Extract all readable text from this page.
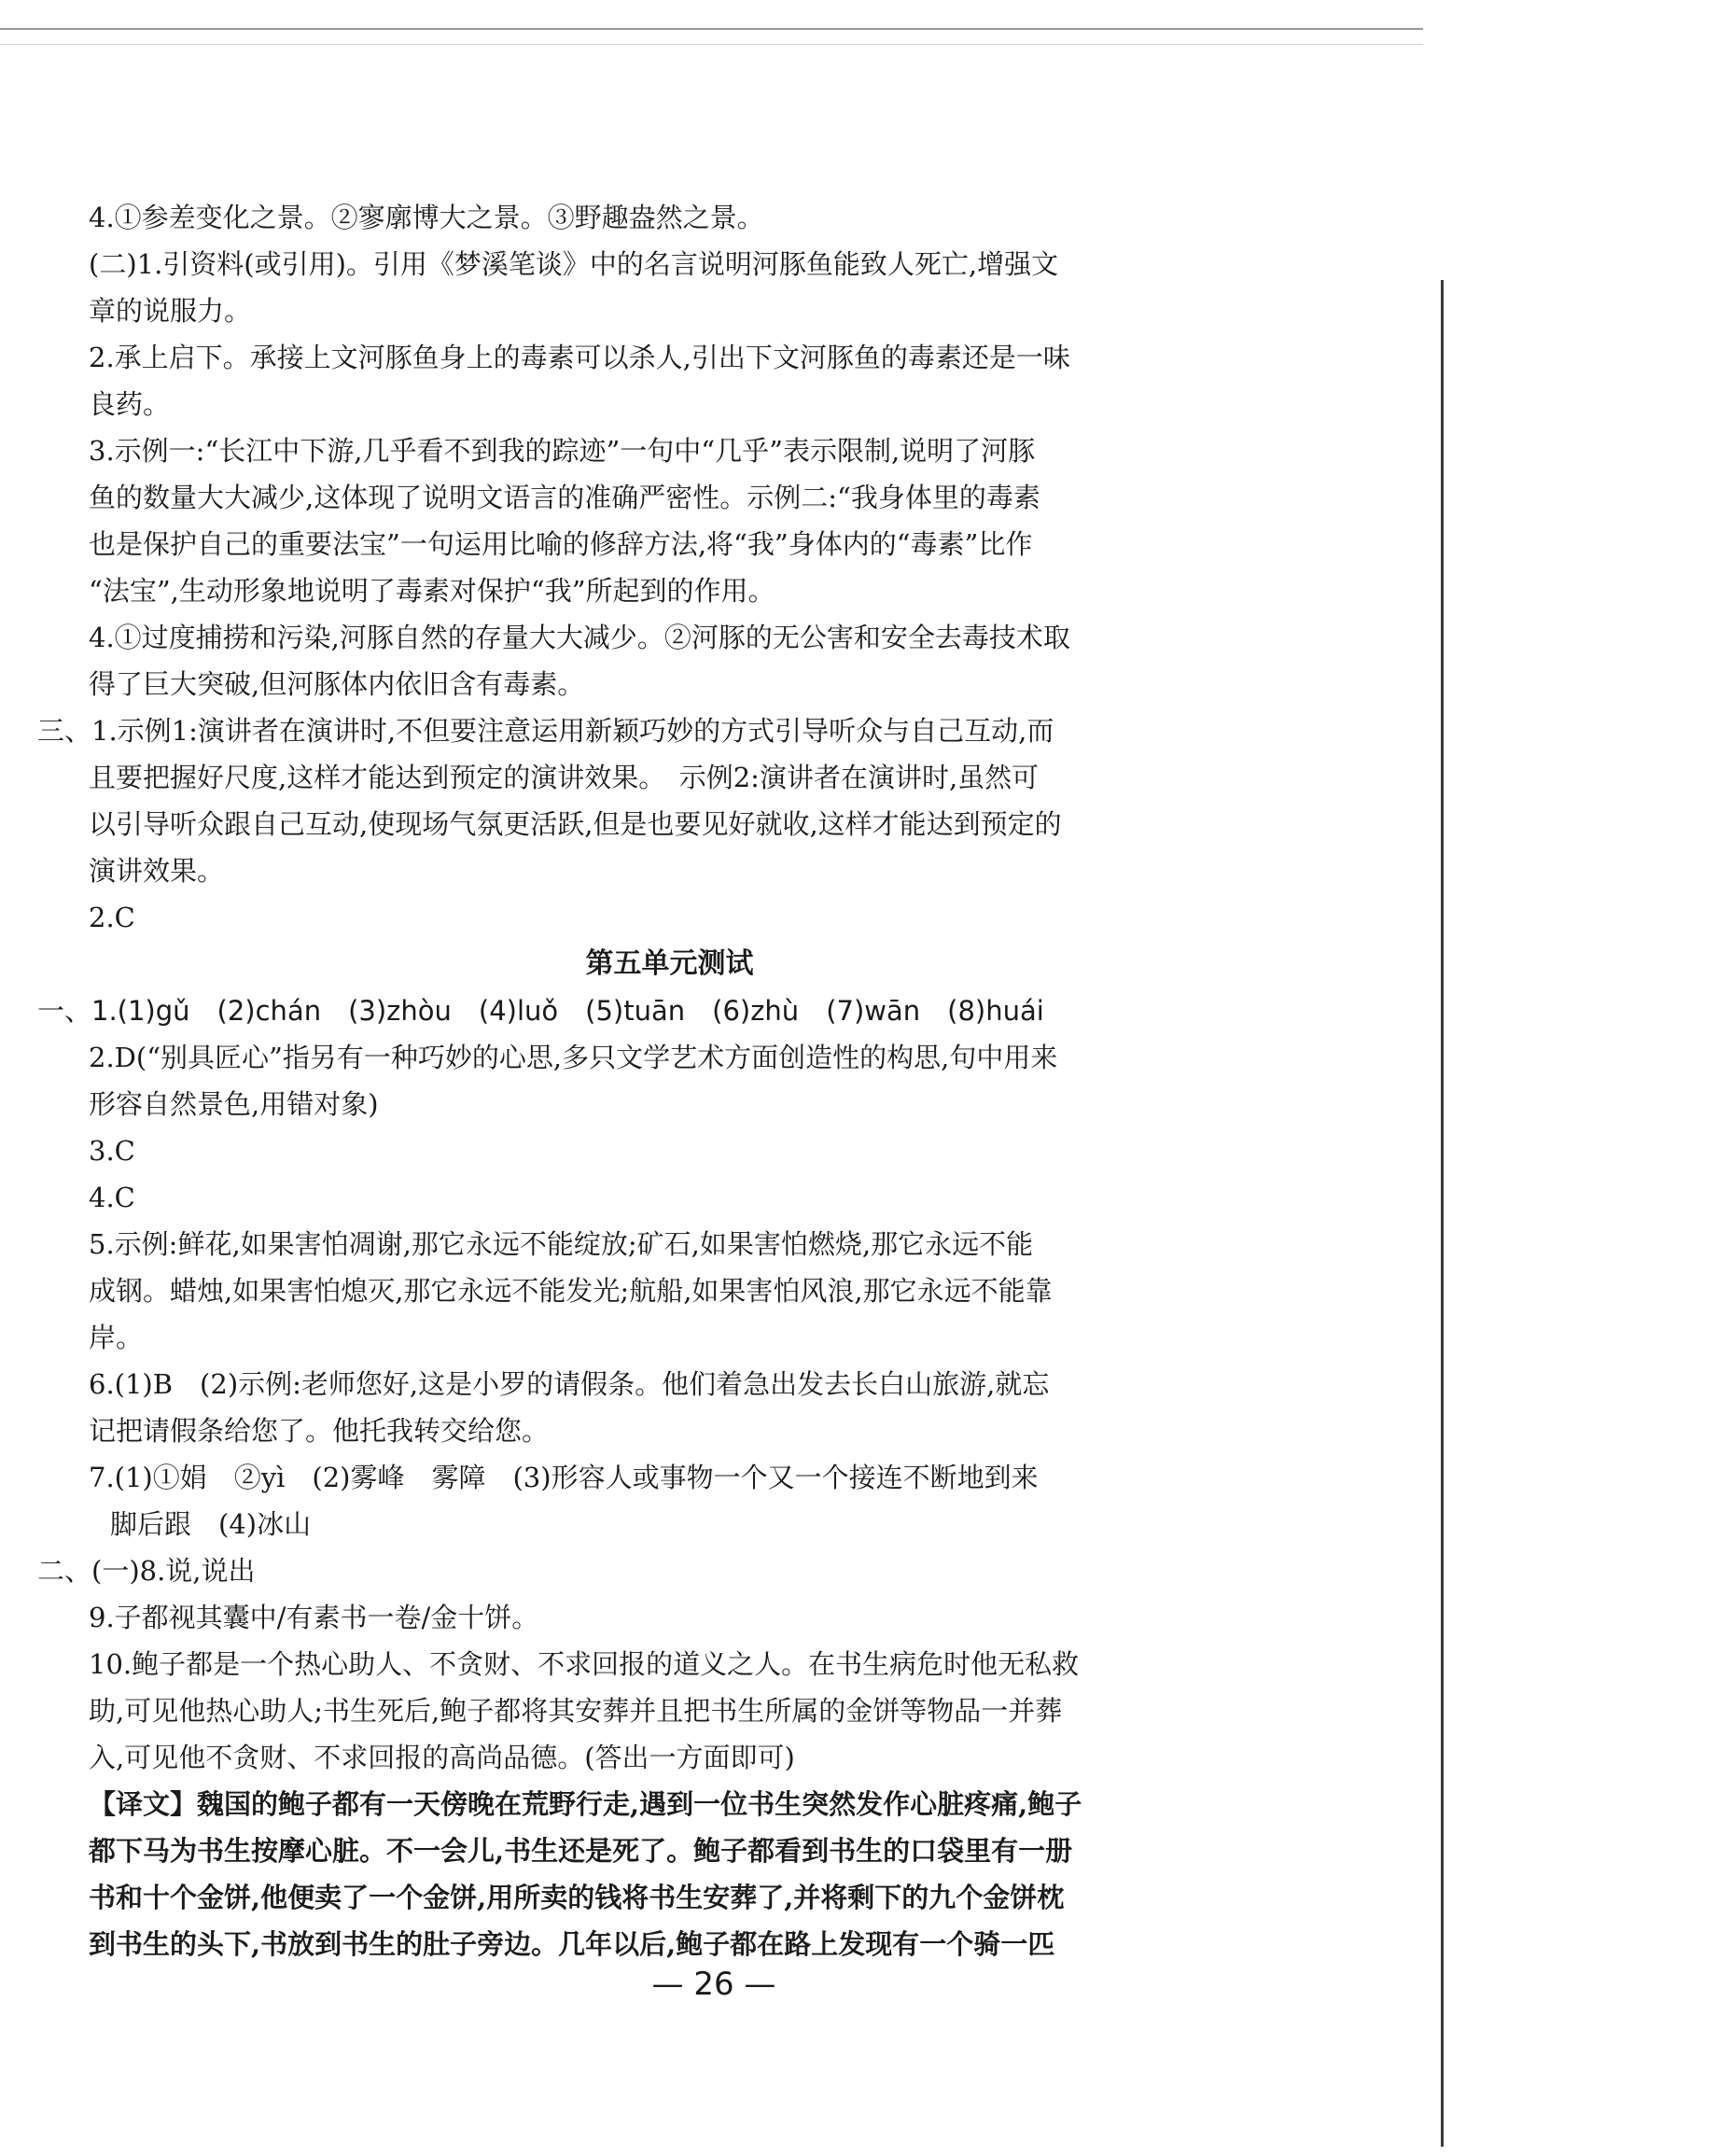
4.①参差变化之景。②寥廓博大之景。③野趣盎然之景。
(二)1.引资料(或引用)。引用《梦溪笔谈》中的名言说明河豚鱼能致人死亡,增强文
章的说服力。
2.承上启下。承接上文河豚鱼身上的毒素可以杀人,引出下文河豚鱼的毒素还是一味
良药。
3.示例一:“长江中下游,几乎看不到我的踪迹”一句中“几乎”表示限制,说明了河豚
鱼的数量大大减少,这体现了说明文语言的准确严密性。示例二:“我身体里的毒素
也是保护自己的重要法宝”一句运用比喻的修辞方法,将“我”身体内的“毒素”比作
“法宝”,生动形象地说明了毒素对保护“我”所起到的作用。
4.①过度捕捞和污染,河豚自然的存量大大减少。②河豚的无公害和安全去毒技术取
得了巨大突破,但河豚体内依旧含有毒素。
三、1.示例1:演讲者在演讲时,不但要注意运用新颖巧妙的方式引导听众与自己互动,而
且要把握好尺度,这样才能达到预定的演讲效果。　示例2:演讲者在演讲时,虽然可
以引导听众跟自己互动,使现场气氛更活跃,但是也要见好就收,这样才能达到预定的
演讲效果。
2.C
第五单元测试
一、1.(1)gǔ　(2)chán　(3)zhòu　(4)luǒ　(5)tuān　(6)zhù　(7)wān　(8)huái
2.D(“别具匠心”指另有一种巧妙的心思,多只文学艺术方面创造性的构思,句中用来
形容自然景色,用错对象)
3.C
4.C
5.示例:鲜花,如果害怕凋谢,那它永远不能绽放;矿石,如果害怕燃烧,那它永远不能
成钢。蜡烛,如果害怕熄灭,那它永远不能发光;航船,如果害怕风浪,那它永远不能靠
岸。
6.(1)B　(2)示例:老师您好,这是小罗的请假条。他们着急出发去长白山旅游,就忘
记把请假条给您了。他托我转交给您。
7.(1)①娟　②yì　(2)雾峰　雾障　(3)形容人或事物一个又一个接连不断地到来
脚后跟　(4)冰山
二、(一)8.说,说出
9.子都视其囊中/有素书一卷/金十饼。
10.鲍子都是一个热心助人、不贪财、不求回报的道义之人。在书生病危时他无私救
助,可见他热心助人;书生死后,鲍子都将其安葬并且把书生所属的金饼等物品一并葬
入,可见他不贪财、不求回报的高尚品德。(答出一方面即可)
【译文】魏国的鲍子都有一天傍晚在荒野行走,遇到一位书生突然发作心脏疼痛,鲍子
都下马为书生按摩心脏。不一会儿,书生还是死了。鲍子都看到书生的口袋里有一册
书和十个金饼,他便卖了一个金饼,用所卖的钱将书生安葬了,并将剩下的九个金饼枕
到书生的头下,书放到书生的肚子旁边。几年以后,鲍子都在路上发现有一个骑一匹
— 26 —
